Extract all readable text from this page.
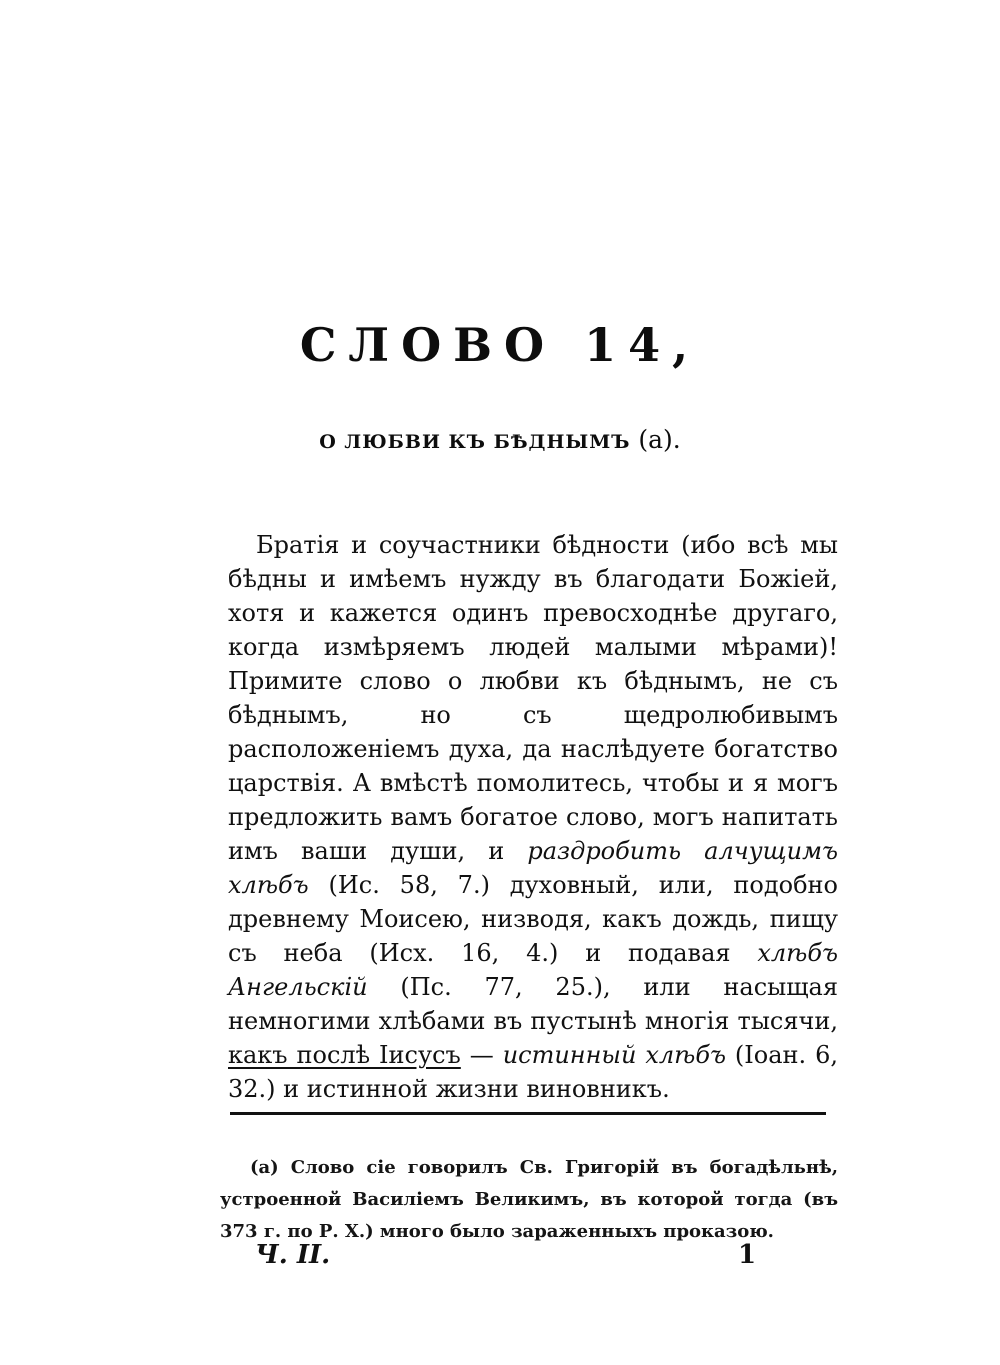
СЛОВО 14,
О ЛЮБВИ КЪ БѢДНЫМЪ (а).

Братія и соучастники бѣдности (ибо всѣ мы бѣдны и имѣемъ нужду въ благодати Божіей, хотя и кажется одинъ превосходнѣе другаго, когда измѣряемъ людей малыми мѣрами)! Примите слово о любви къ бѣднымъ, не съ бѣднымъ, но съ щедролюбивымъ расположеніемъ духа, да наслѣдуете богатство царствія. А вмѣстѣ помолитесь, чтобы и я могъ предложить вамъ богатое слово, могъ напитать имъ ваши души, и раздробить алчущимъ хлѣбъ (Ис. 58, 7.) духовный, или, подобно древнему Моисею, низводя, какъ дождь, пищу съ неба (Исх. 16, 4.) и подавая хлѣбъ Ангельскій (Пс. 77, 25.), или насыщая немногими хлѣбами въ пустынѣ многія тысячи, какъ послѣ Іисусъ — истинный хлѣбъ (Іоан. 6, 32.) и истинной жизни виновникъ.

(а) Слово сіе говорилъ Св. Григорій въ богадѣльнѣ, устроенной Василіемъ Великимъ, въ которой тогда (въ 373 г. по Р. Х.) много было зараженныхъ проказою.

Ч. II.	1
